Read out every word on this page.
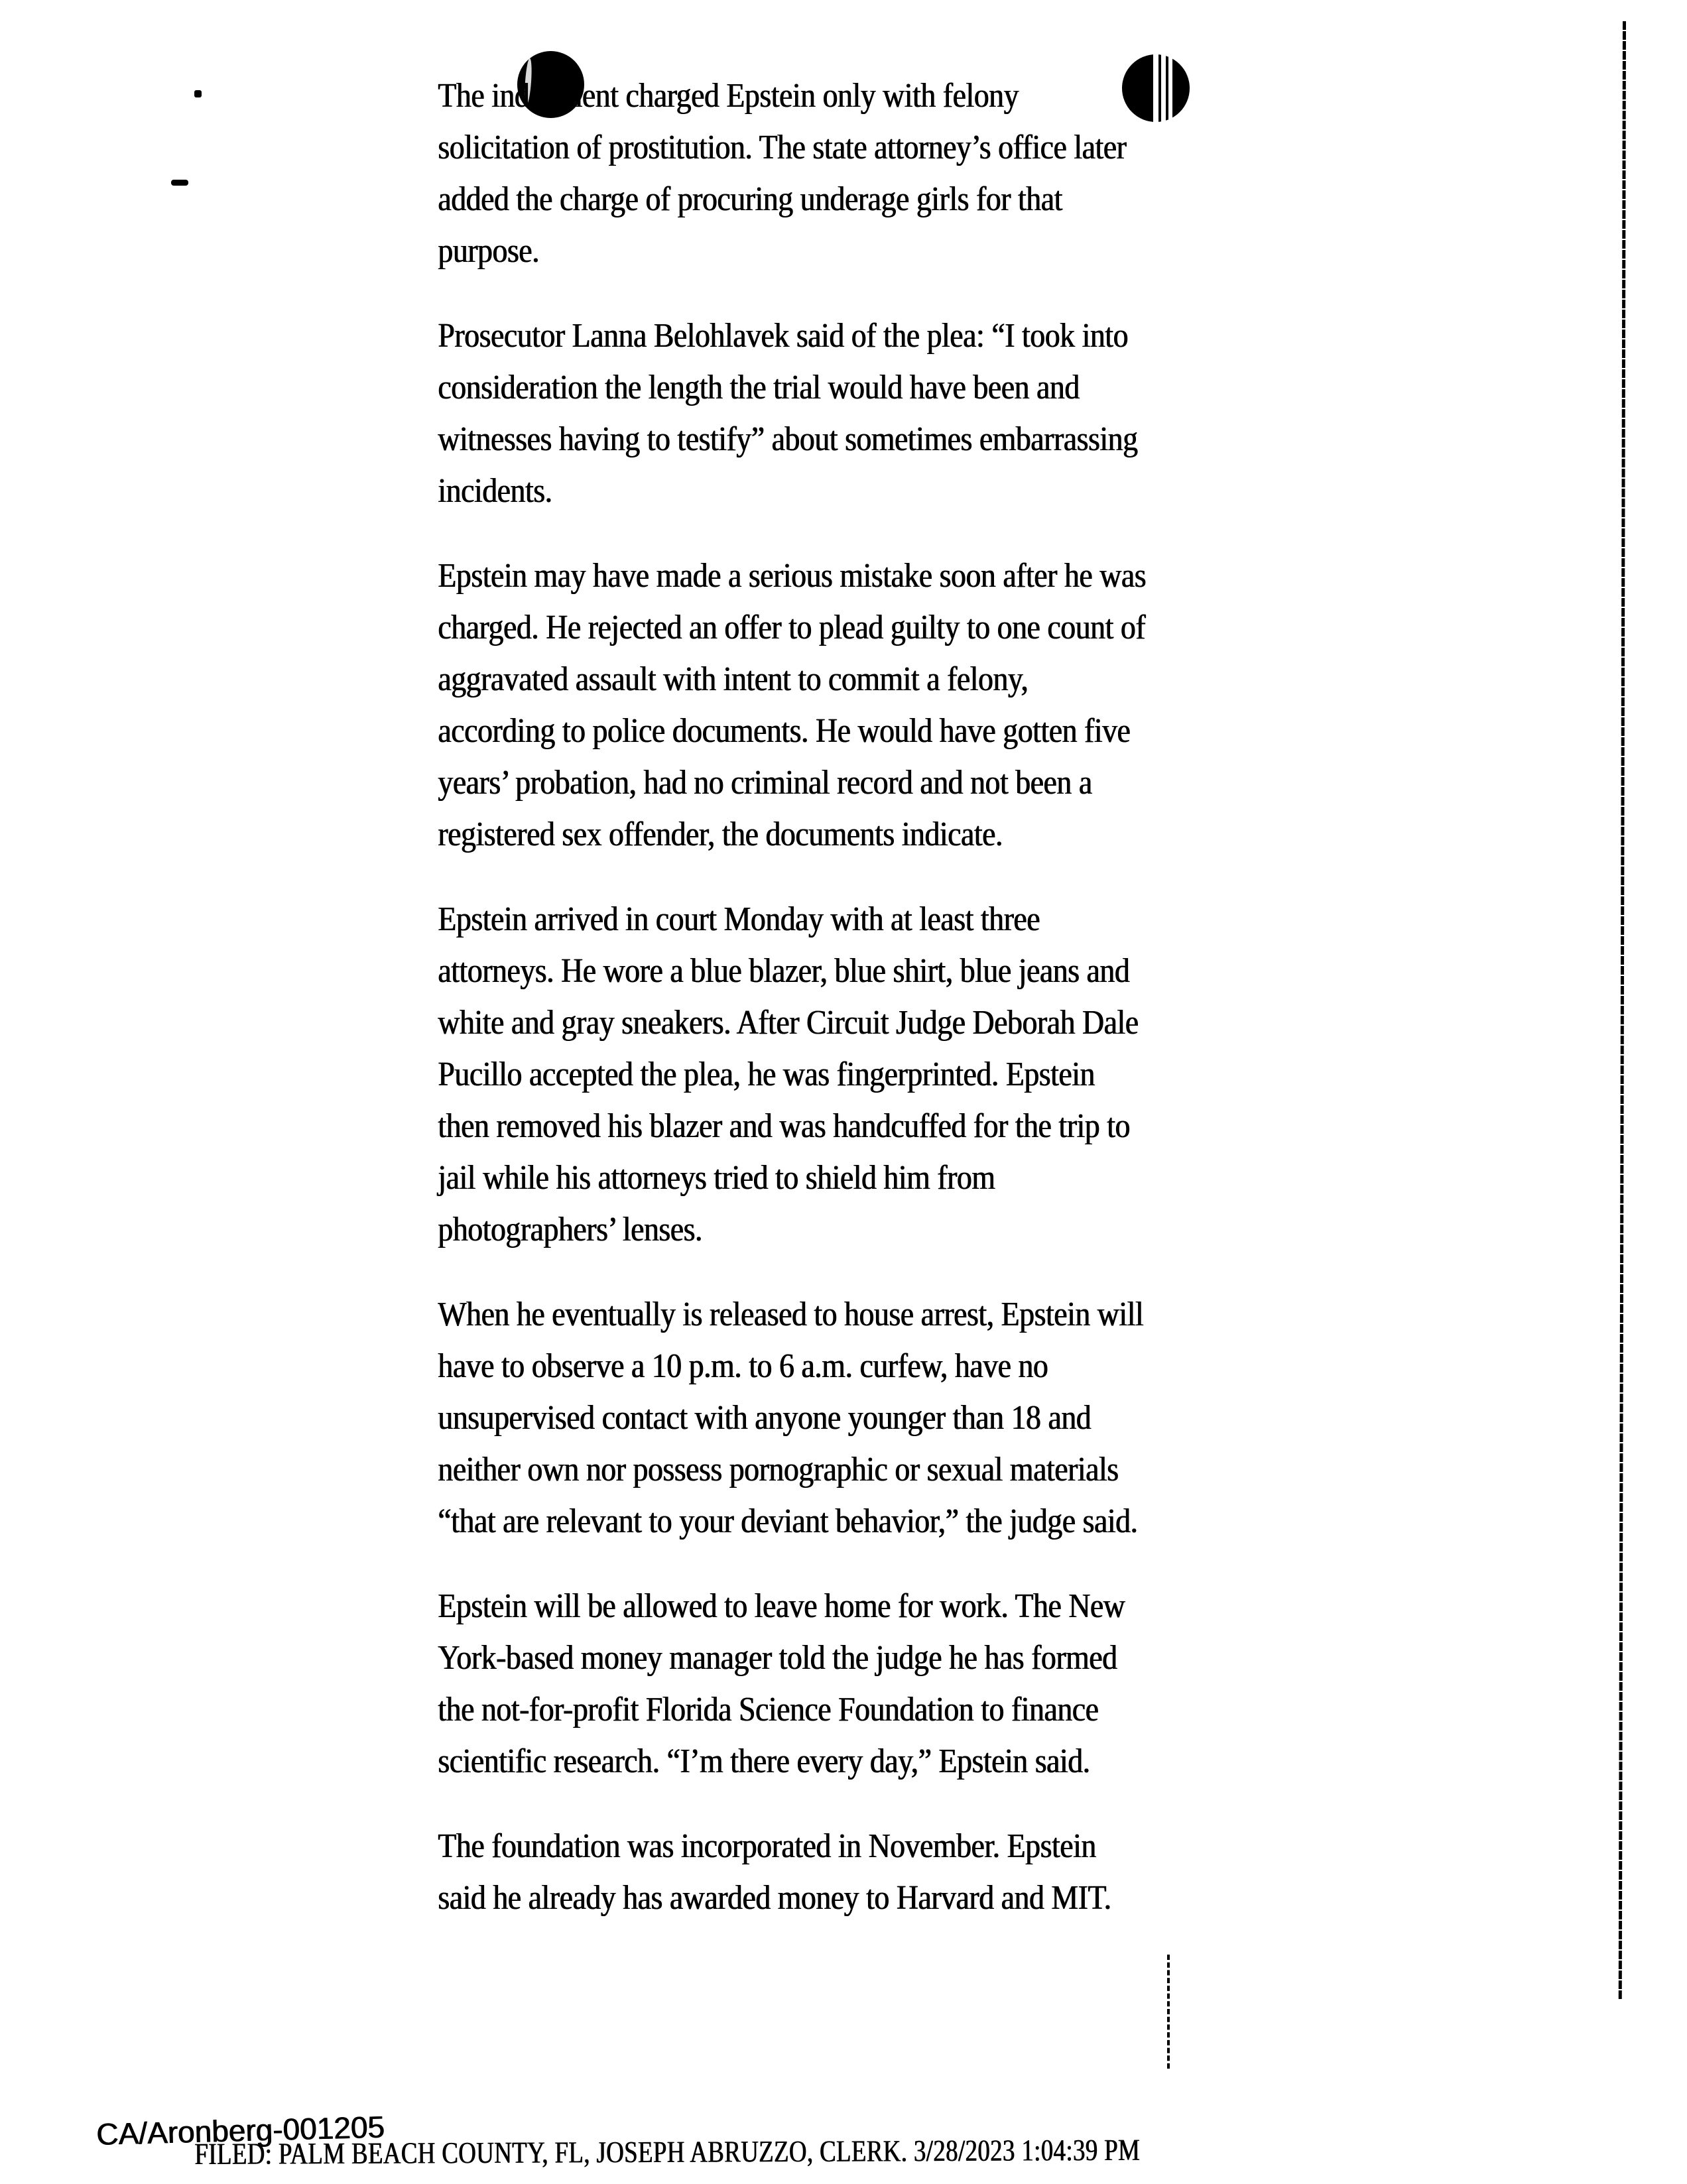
The indictment charged Epstein only with felony
solicitation of prostitution. The state attorney’s office later
added the charge of procuring underage girls for that
purpose.

Prosecutor Lanna Belohlavek said of the plea: “I took into
consideration the length the trial would have been and
witnesses having to testify” about sometimes embarrassing
incidents.

Epstein may have made a serious mistake soon after he was
charged. He rejected an offer to plead guilty to one count of
aggravated assault with intent to commit a felony,
according to police documents. He would have gotten five
years’ probation, had no criminal record and not been a
registered sex offender, the documents indicate.

Epstein arrived in court Monday with at least three
attorneys. He wore a blue blazer, blue shirt, blue jeans and
white and gray sneakers. After Circuit Judge Deborah Dale
Pucillo accepted the plea, he was fingerprinted. Epstein
then removed his blazer and was handcuffed for the trip to
jail while his attorneys tried to shield him from
photographers’ lenses.

When he eventually is released to house arrest, Epstein will
have to observe a 10 p.m. to 6 a.m. curfew, have no
unsupervised contact with anyone younger than 18 and
neither own nor possess pornographic or sexual materials
“that are relevant to your deviant behavior,” the judge said.

Epstein will be allowed to leave home for work. The New
York-based money manager told the judge he has formed
the not-for-profit Florida Science Foundation to finance
scientific research. “I’m there every day,” Epstein said.

The foundation was incorporated in November. Epstein
said he already has awarded money to Harvard and MIT.

CA/Aronberg-001205
FILED: PALM BEACH COUNTY, FL, JOSEPH ABRUZZO, CLERK. 3/28/2023 1:04:39 PM
